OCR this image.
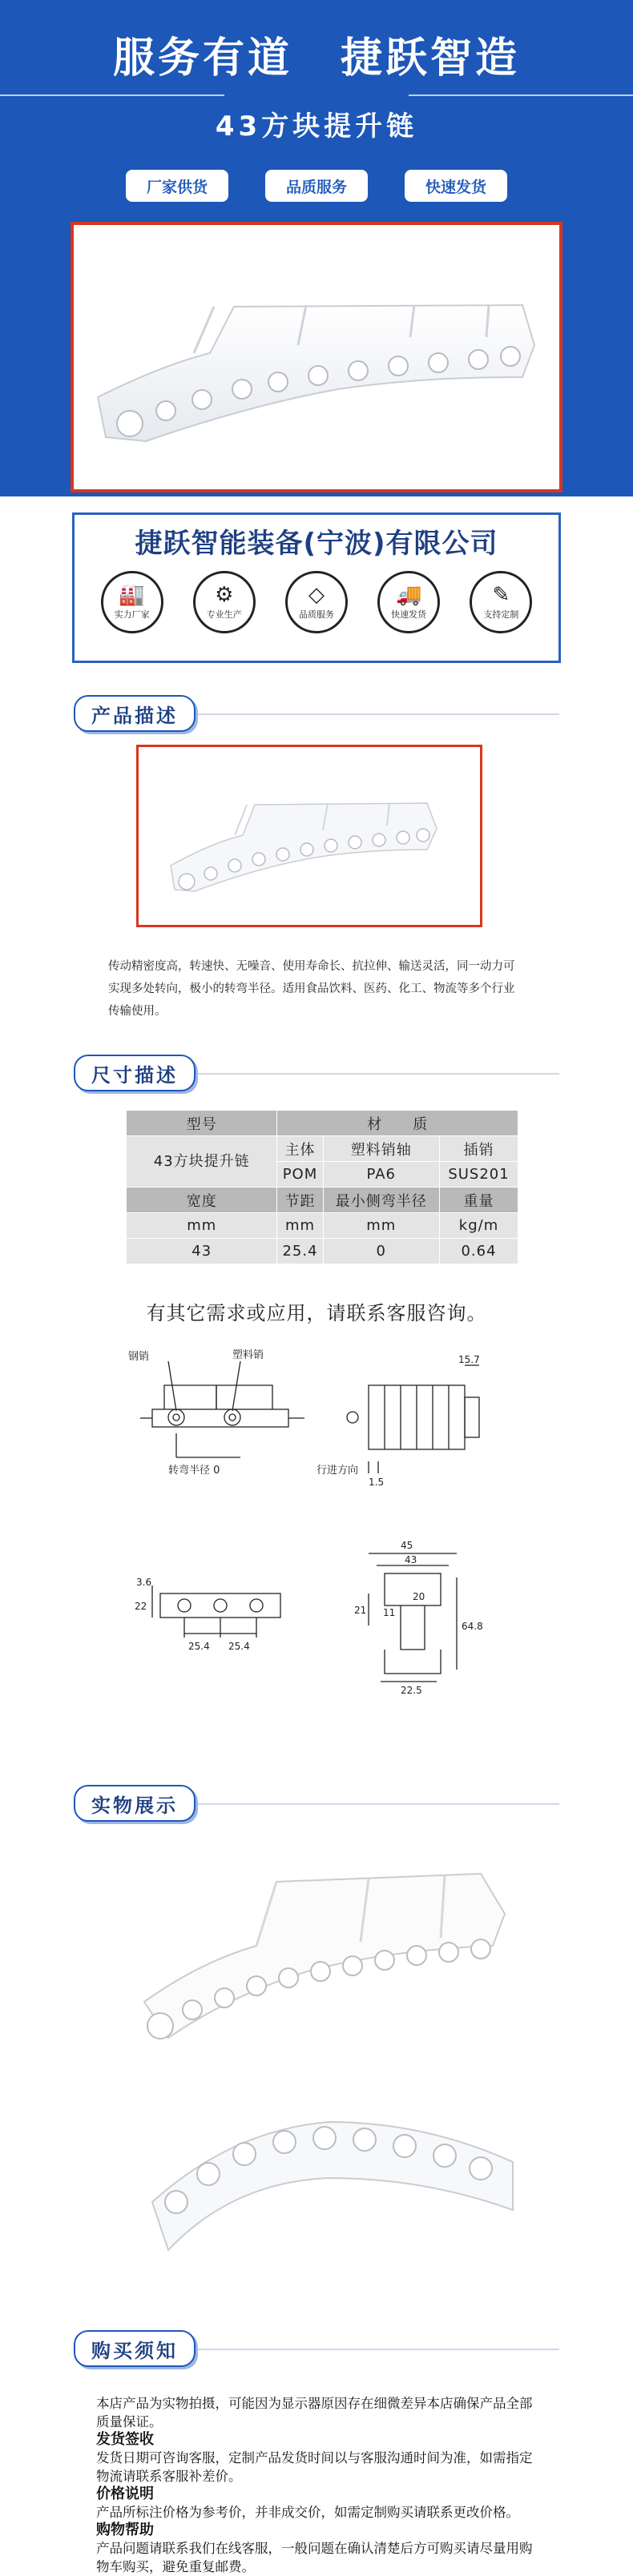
服务有道 捷跃智造
43方块提升链
厂家供货	品质服务	快速发货
捷跃智能装备(宁波)有限公司
🏭
实力厂家
⚙
专业生产
◇
品质服务
🚚
快速发货
✎
支持定制
产品描述
传动精密度高，转速快、无噪音、使用寿命长、抗拉伸、输送灵活，同一动力可实现多处转向，极小的转弯半径。适用食品饮料、医药、化工、物流等多个行业传输使用。
尺寸描述
型号	材　　质		
43方块提升链	主体	塑料销轴	插销
	POM	PA6	SUS201
宽度	节距	最小侧弯半径	重量
mm	mm	mm	kg/m
43	25.4	0	0.64
有其它需求或应用，请联系客服咨询。
钢销	塑料销
转弯半径 0	行进方向
15.7
1.5
3.6
22
25.4 25.4
45
43
21 11
20
64.8
22.5
实物展示
购买须知

本店产品为实物拍摄，可能因为显示器原因存在细微差异本店确保产品全部质量保证。

发货签收

发货日期可咨询客服，定制产品发货时间以与客服沟通时间为准，如需指定物流请联系客服补差价。

价格说明

产品所标注价格为参考价，并非成交价，如需定制购买请联系更改价格。

购物帮助

产品问题请联系我们在线客服，一般问题在确认清楚后方可购买请尽量用购物车购买，避免重复邮费。
